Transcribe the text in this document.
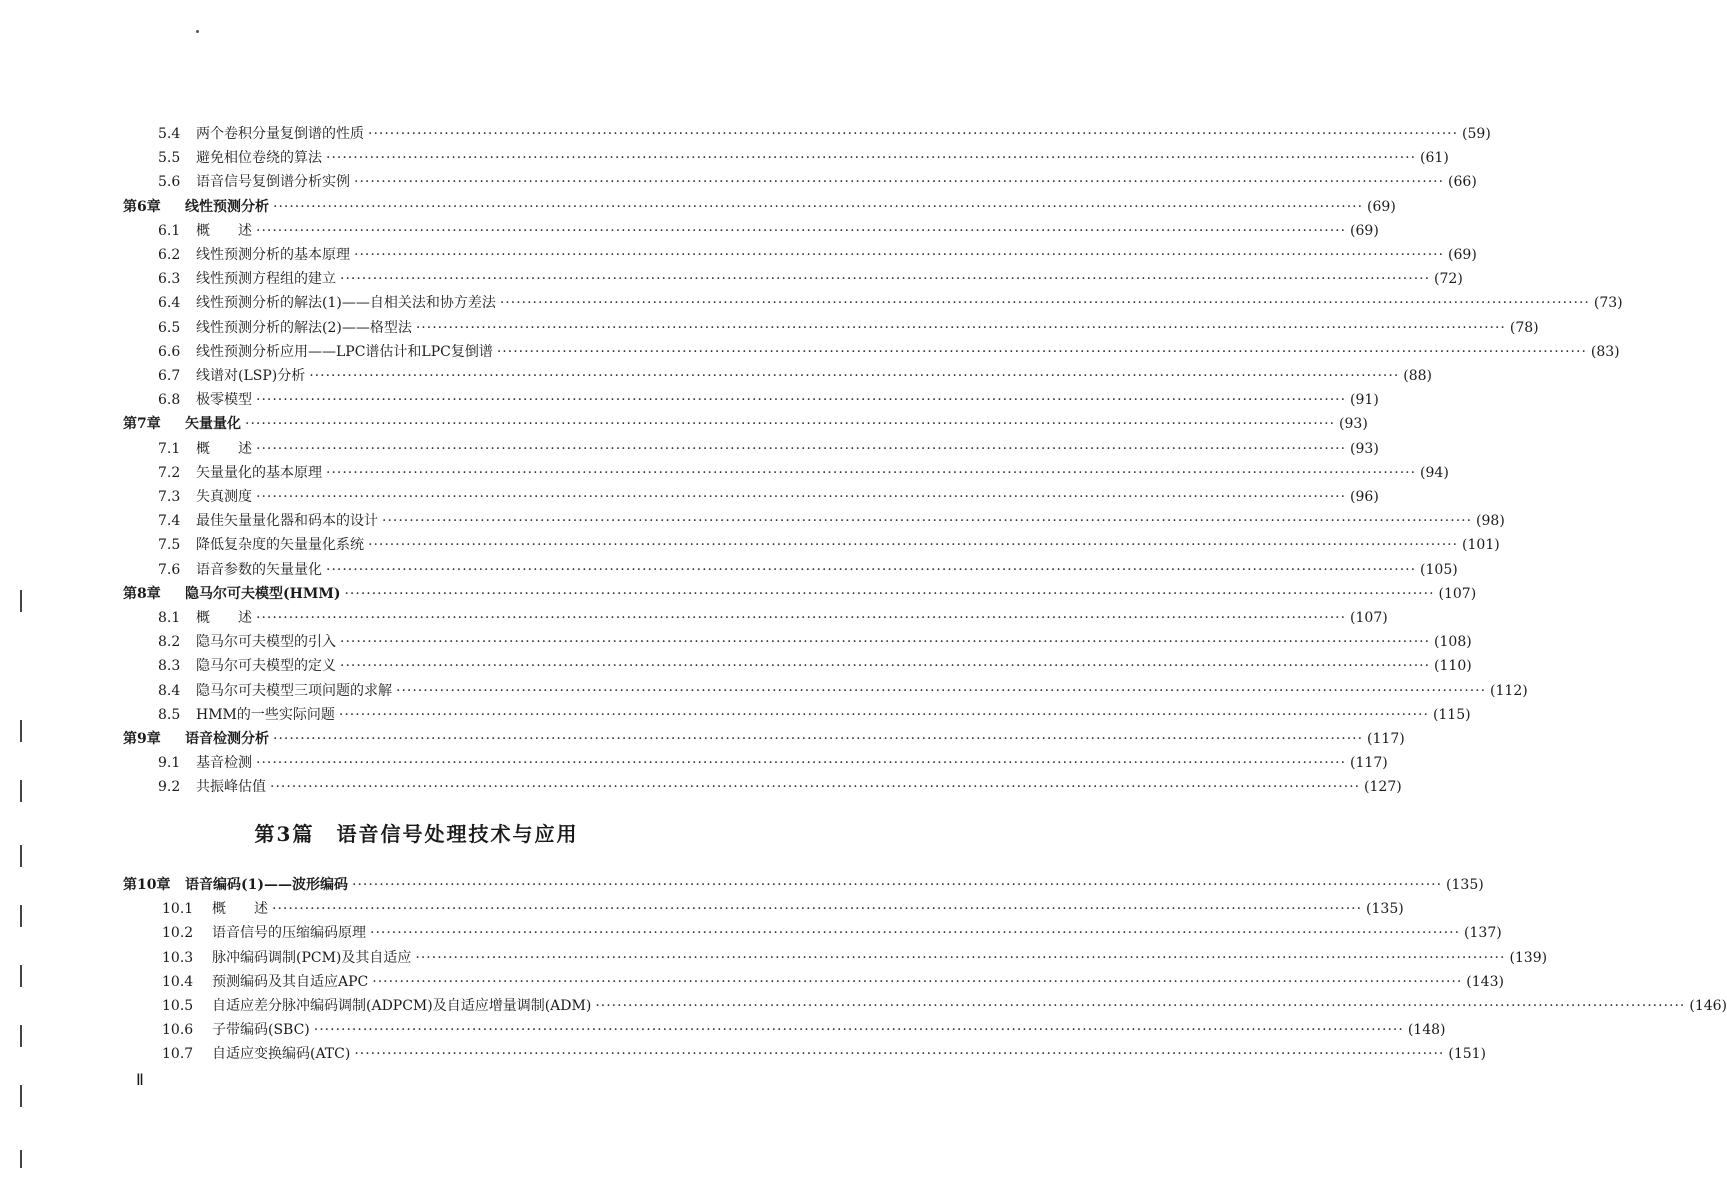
5.4	两个卷积分量复倒谱的性质 ········································································································································································································ (59)
5.5	避免相位卷绕的算法 ········································································································································································································ (61)
5.6	语音信号复倒谱分析实例 ········································································································································································································ (66)
第6章	线性预测分析 ········································································································································································································ (69)
6.1	概　　述 ········································································································································································································ (69)
6.2	线性预测分析的基本原理 ········································································································································································································ (69)
6.3	线性预测方程组的建立 ········································································································································································································ (72)
6.4	线性预测分析的解法(1)——自相关法和协方差法 ········································································································································································································ (73)
6.5	线性预测分析的解法(2)——格型法 ········································································································································································································ (78)
6.6	线性预测分析应用——LPC谱估计和LPC复倒谱 ········································································································································································································ (83)
6.7	线谱对(LSP)分析 ········································································································································································································ (88)
6.8	极零模型 ········································································································································································································ (91)
第7章	矢量量化 ········································································································································································································ (93)
7.1	概　　述 ········································································································································································································ (93)
7.2	矢量量化的基本原理 ········································································································································································································ (94)
7.3	失真测度 ········································································································································································································ (96)
7.4	最佳矢量量化器和码本的设计 ········································································································································································································ (98)
7.5	降低复杂度的矢量量化系统 ········································································································································································································ (101)
7.6	语音参数的矢量量化 ········································································································································································································ (105)
第8章	隐马尔可夫模型(HMM) ········································································································································································································ (107)
8.1	概　　述 ········································································································································································································ (107)
8.2	隐马尔可夫模型的引入 ········································································································································································································ (108)
8.3	隐马尔可夫模型的定义 ········································································································································································································ (110)
8.4	隐马尔可夫模型三项问题的求解 ········································································································································································································ (112)
8.5	HMM的一些实际问题 ········································································································································································································ (115)
第9章	语音检测分析 ········································································································································································································ (117)
9.1	基音检测 ········································································································································································································ (117)
9.2	共振峰估值 ········································································································································································································ (127)
第10章	语音编码(1)——波形编码 ········································································································································································································ (135)
10.1	概　　述 ········································································································································································································ (135)
10.2	语音信号的压缩编码原理 ········································································································································································································ (137)
10.3	脉冲编码调制(PCM)及其自适应 ········································································································································································································ (139)
10.4	预测编码及其自适应APC ········································································································································································································ (143)
10.5	自适应差分脉冲编码调制(ADPCM)及自适应增量调制(ADM) ········································································································································································································ (146)
10.6	子带编码(SBC) ········································································································································································································ (148)
10.7	自适应变换编码(ATC) ········································································································································································································ (151)
第3篇　语音信号处理技术与应用
Ⅱ
